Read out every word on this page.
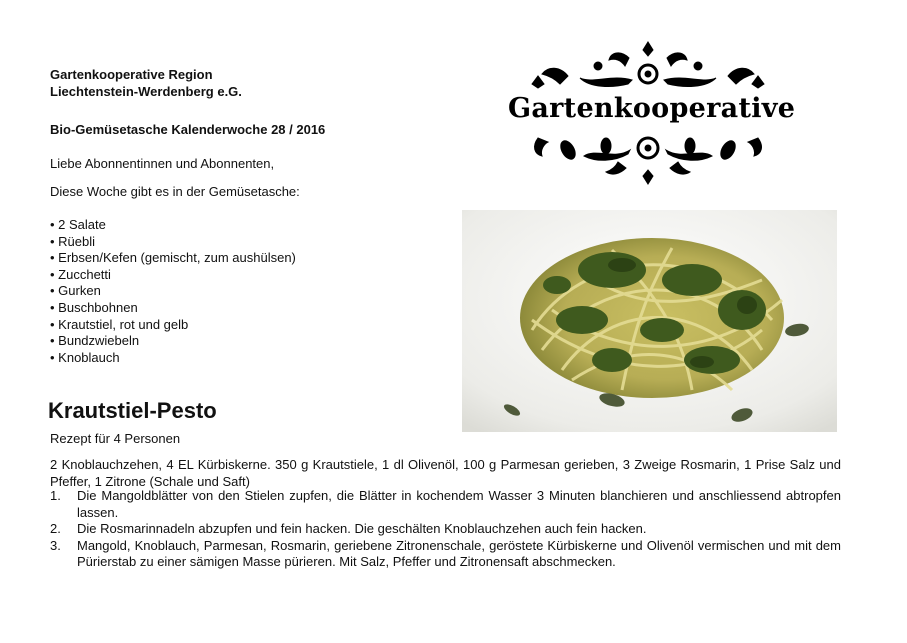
Gartenkooperative Region
Liechtenstein-Werdenberg e.G.
Bio-Gemüsetasche Kalenderwoche 28 / 2016
Liebe Abonnentinnen und Abonnenten,
Diese Woche gibt es in der Gemüsetasche:
• 2 Salate
• Rüebli
• Erbsen/Kefen (gemischt, zum aushülsen)
• Zucchetti
• Gurken
• Buschbohnen
• Krautstiel, rot und gelb
• Bundzwiebeln
• Knoblauch
Gartenkooperative
Krautstiel-Pesto
Rezept für 4 Personen
2 Knoblauchzehen, 4 EL Kürbiskerne. 350 g Krautstiele, 1 dl Olivenöl, 100 g Parmesan gerieben, 3 Zweige Rosmarin, 1 Prise Salz und Pfeffer, 1 Zitrone (Schale und Saft)
1.	Die Mangoldblätter von den Stielen zupfen, die Blätter in kochendem Wasser 3 Minuten blanchieren und anschliessend abtropfen lassen.
2.	Die Rosmarinnadeln abzupfen und fein hacken. Die geschälten Knoblauchzehen auch fein hacken.
3.	Mangold, Knoblauch, Parmesan, Rosmarin, geriebene Zitronenschale, geröstete Kürbiskerne und Olivenöl vermischen und mit dem Pürierstab zu einer sämigen Masse pürieren. Mit Salz, Pfeffer und Zitronensaft abschmecken.
